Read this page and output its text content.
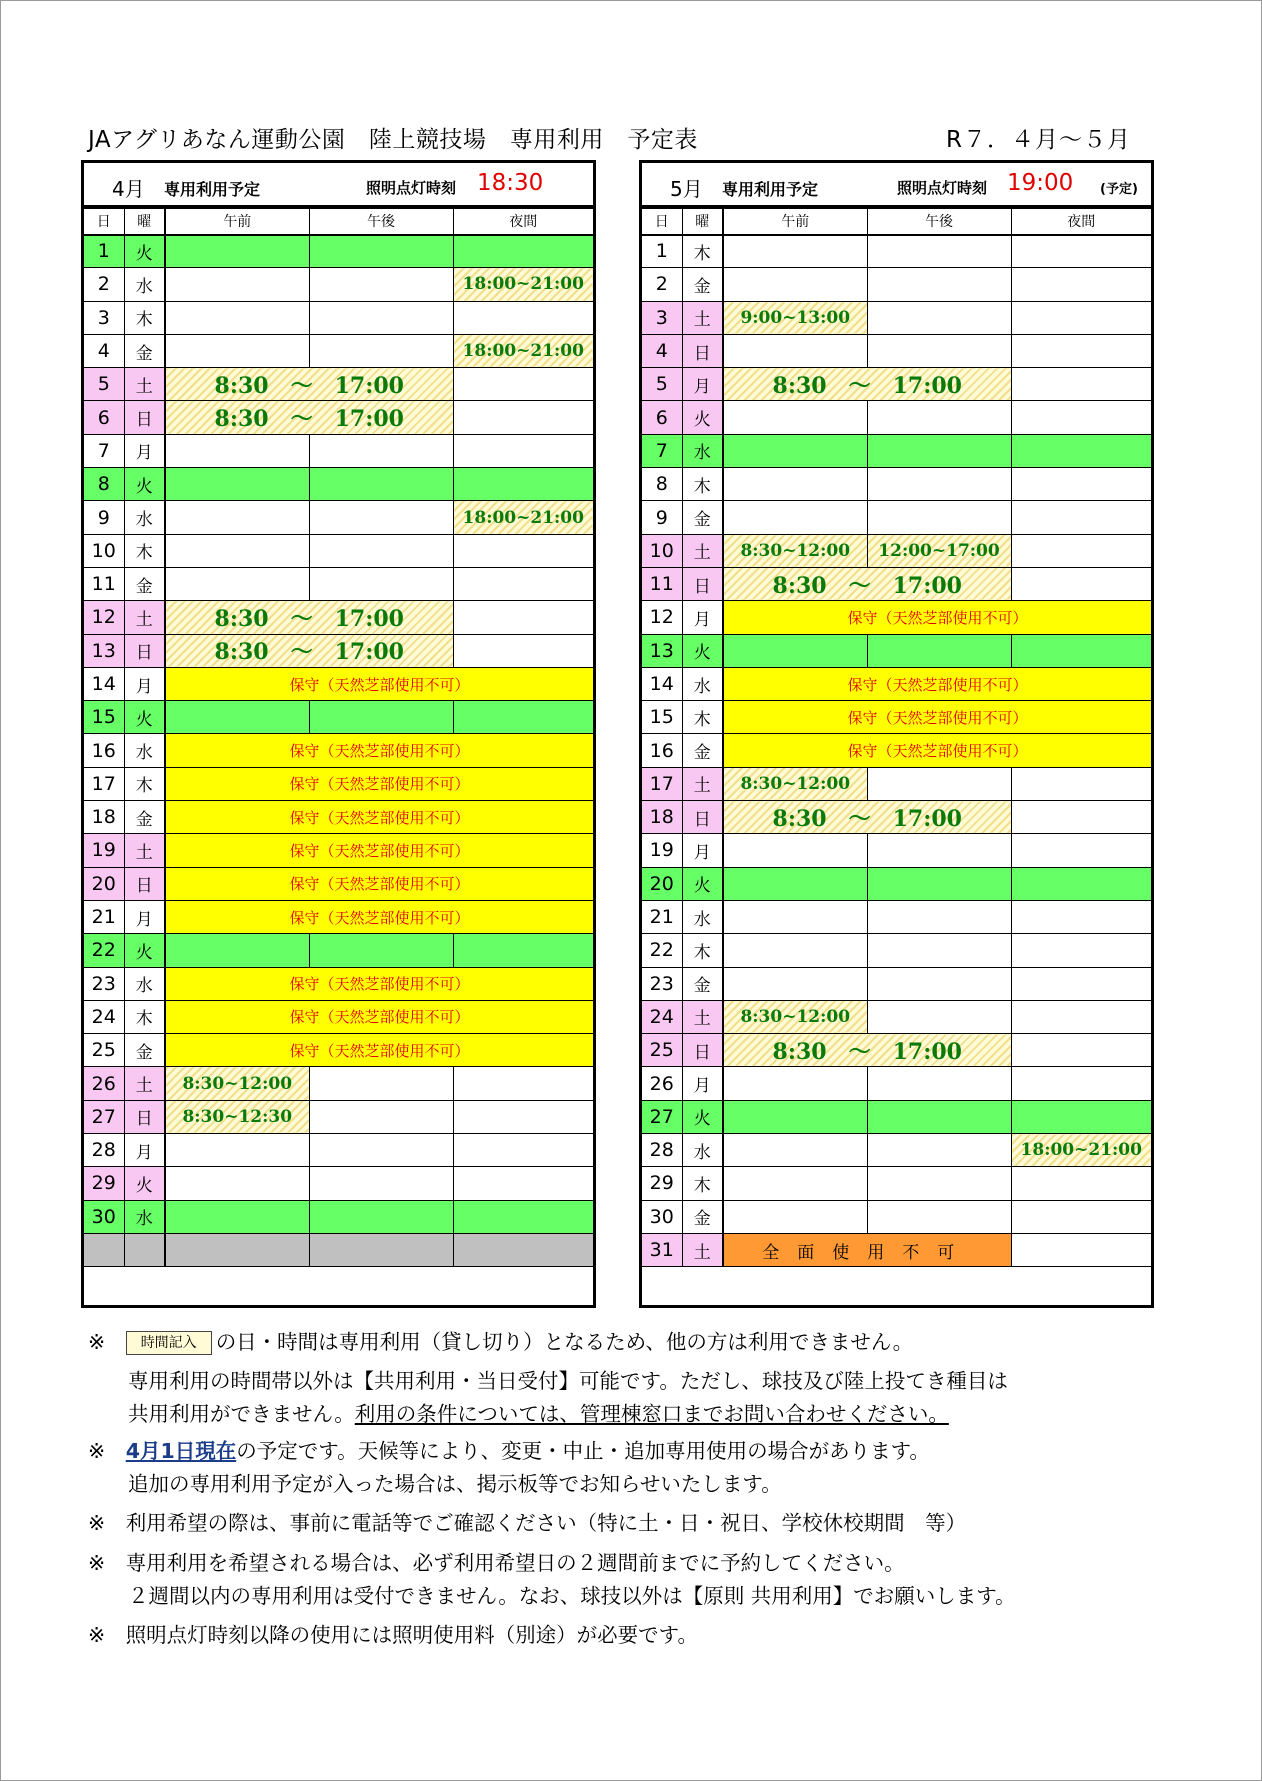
JAアグリあなん運動公園　陸上競技場　専用利用　予定表	R７．４月～５月
4月 専用利用予定	照明点灯時刻 18:30
日	曜	午前	午後	夜間
1	火			
2	水			18:00~21:00
3	木			
4	金			18:00~21:00
5	土	8:30　～　17:00		
6	日	8:30　～　17:00		
7	月			
8	火			
9	水			18:00~21:00
10	木			
11	金			
12	土	8:30　～　17:00		
13	日	8:30　～　17:00		
14	月	保守（天然芝部使用不可）		
15	火			
16	水	保守（天然芝部使用不可）		
17	木	保守（天然芝部使用不可）		
18	金	保守（天然芝部使用不可）		
19	土	保守（天然芝部使用不可）		
20	日	保守（天然芝部使用不可）		
21	月	保守（天然芝部使用不可）		
22	火			
23	水	保守（天然芝部使用不可）		
24	木	保守（天然芝部使用不可）		
25	金	保守（天然芝部使用不可）		
26	土	8:30~12:00		
27	日	8:30~12:30		
28	月			
29	火			
30	水			

5月 専用利用予定	照明点灯時刻 19:00 (予定)
日	曜	午前	午後	夜間
1	木			
2	金			
3	土	9:00~13:00		
4	日			
5	月	8:30　～　17:00		
6	火			
7	水			
8	木			
9	金			
10	土	8:30~12:00	12:00~17:00	
11	日	8:30　～　17:00		
12	月	保守（天然芝部使用不可）		
13	火			
14	水	保守（天然芝部使用不可）		
15	木	保守（天然芝部使用不可）		
16	金	保守（天然芝部使用不可）		
17	土	8:30~12:00		
18	日	8:30　～　17:00		
19	月			
20	火			
21	水			
22	木			
23	金			
24	土	8:30~12:00		
25	日	8:30　～　17:00		
26	月			
27	火			
28	水			18:00~21:00
29	木			
30	金			
31	土	全面使用不可		
※　	時間記入 の日・時間は専用利用（貸し切り）となるため、他の方は利用できません。
専用利用の時間帯以外は【共用利用・当日受付】可能です。ただし、球技及び陸上投てき種目は
共用利用ができません。利用の条件については、管理棟窓口までお問い合わせください。
※　 4月1日現在の予定です。天候等により、変更・中止・追加専用使用の場合があります。
追加の専用利用予定が入った場合は、掲示板等でお知らせいたします。
※　 利用希望の際は、事前に電話等でご確認ください（特に土・日・祝日、学校休校期間　等）
※　 専用利用を希望される場合は、必ず利用希望日の２週間前までに予約してください。
２週間以内の専用利用は受付できません。なお、球技以外は【原則 共用利用】でお願いします。
※　 照明点灯時刻以降の使用には照明使用料（別途）が必要です。
